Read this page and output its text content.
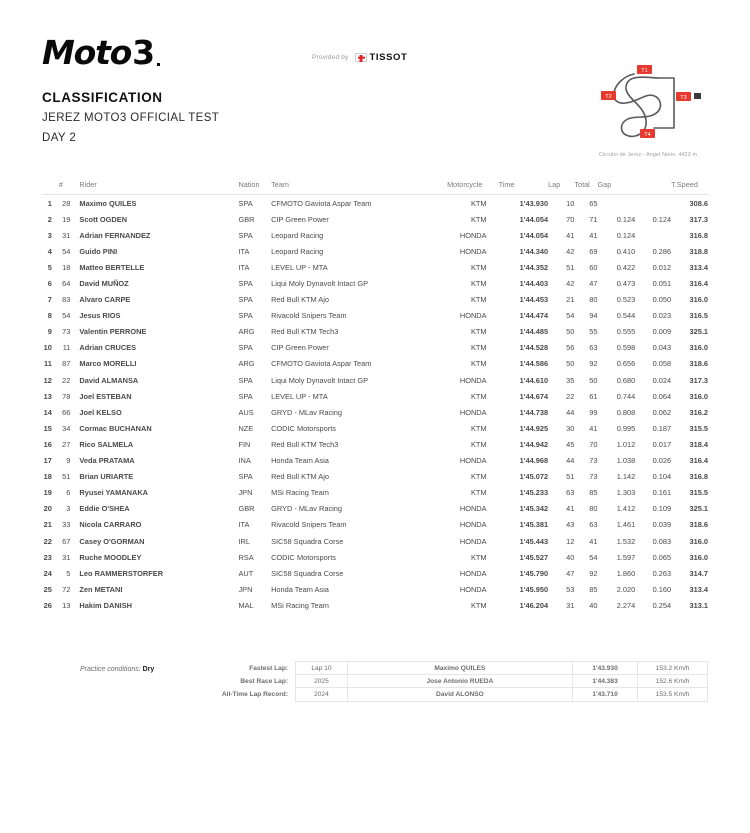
Moto 3	Provided by TISSOT
CLASSIFICATION
JEREZ MOTO3 OFFICIAL TEST
DAY 2
T1
T2	T3
T4
Circuito de Jerez - Angel Nieto, 4423 m
	#	Rider	Nation	Team	Motorcycle	Time	Lap	Total	Gap		T.Speed
1	28	Maximo QUILES	SPA	CFMOTO Gaviota Aspar Team	KTM	1'43.930	10	65			308.6
2	19	Scott OGDEN	GBR	CIP Green Power	KTM	1'44.054	70	71	0.124	0.124	317.3
3	31	Adrian FERNANDEZ	SPA	Leopard Racing	HONDA	1'44.054	41	41	0.124		316.8
4	54	Guido PINI	ITA	Leopard Racing	HONDA	1'44.340	42	69	0.410	0.286	318.8
5	18	Matteo BERTELLE	ITA	LEVEL UP - MTA	KTM	1'44.352	51	60	0.422	0.012	313.4
6	64	David MUÑOZ	SPA	Liqui Moly Dynavolt Intact GP	KTM	1'44.403	42	47	0.473	0.051	316.4
7	83	Alvaro CARPE	SPA	Red Bull KTM Ajo	KTM	1'44.453	21	80	0.523	0.050	316.0
8	54	Jesus RIOS	SPA	Rivacold Snipers Team	HONDA	1'44.474	54	94	0.544	0.023	316.5
9	73	Valentin PERRONE	ARG	Red Bull KTM Tech3	KTM	1'44.485	50	55	0.555	0.009	325.1
10	11	Adrian CRUCES	SPA	CIP Green Power	KTM	1'44.528	56	63	0.598	0.043	316.0
11	87	Marco MORELLI	ARG	CFMOTO Gaviota Aspar Team	KTM	1'44.586	50	92	0.656	0.058	318.6
12	22	David ALMANSA	SPA	Liqui Moly Dynavolt Intact GP	HONDA	1'44.610	35	50	0.680	0.024	317.3
13	78	Joel ESTEBAN	SPA	LEVEL UP - MTA	KTM	1'44.674	22	61	0.744	0.064	316.0
14	66	Joel KELSO	AUS	GRYD - MLav Racing	HONDA	1'44.738	44	99	0.808	0.062	316.2
15	34	Cormac BUCHANAN	NZE	CODIC Motorsports	KTM	1'44.925	30	41	0.995	0.187	315.5
16	27	Rico SALMELA	FIN	Red Bull KTM Tech3	KTM	1'44.942	45	70	1.012	0.017	318.4
17	9	Veda PRATAMA	INA	Honda Team Asia	HONDA	1'44.968	44	73	1.038	0.026	316.4
18	51	Brian URIARTE	SPA	Red Bull KTM Ajo	KTM	1'45.072	51	73	1.142	0.104	316.8
19	6	Ryusei YAMANAKA	JPN	MSi Racing Team	KTM	1'45.233	63	85	1.303	0.161	315.5
20	3	Eddie O'SHEA	GBR	GRYD - MLav Racing	HONDA	1'45.342	41	80	1.412	0.109	325.1
21	33	Nicola CARRARO	ITA	Rivacold Snipers Team	HONDA	1'45.381	43	63	1.461	0.039	318.6
22	67	Casey O'GORMAN	IRL	SIC58 Squadra Corse	HONDA	1'45.443	12	41	1.532	0.083	316.0
23	31	Ruche MOODLEY	RSA	CODIC Motorsports	KTM	1'45.527	40	54	1.597	0.065	316.0
24	5	Leo RAMMERSTORFER	AUT	SIC58 Squadra Corse	HONDA	1'45.790	47	92	1.860	0.263	314.7
25	72	Zen METANI	JPN	Honda Team Asia	HONDA	1'45.950	53	85	2.020	0.160	313.4
26	13	Hakim DANISH	MAL	MSi Racing Team	KTM	1'46.204	31	40	2.274	0.254	313.1
Practice conditions: Dry	Fastest Lap:	Lap 10	Maximo QUILES	1'43.930	153.2 Km/h
Best Race Lap:	2025	Jose Antonio RUEDA	1'44.383	152.6 Km/h
All-Time Lap Record:	2024	David ALONSO	1'43.710	153.5 Km/h
